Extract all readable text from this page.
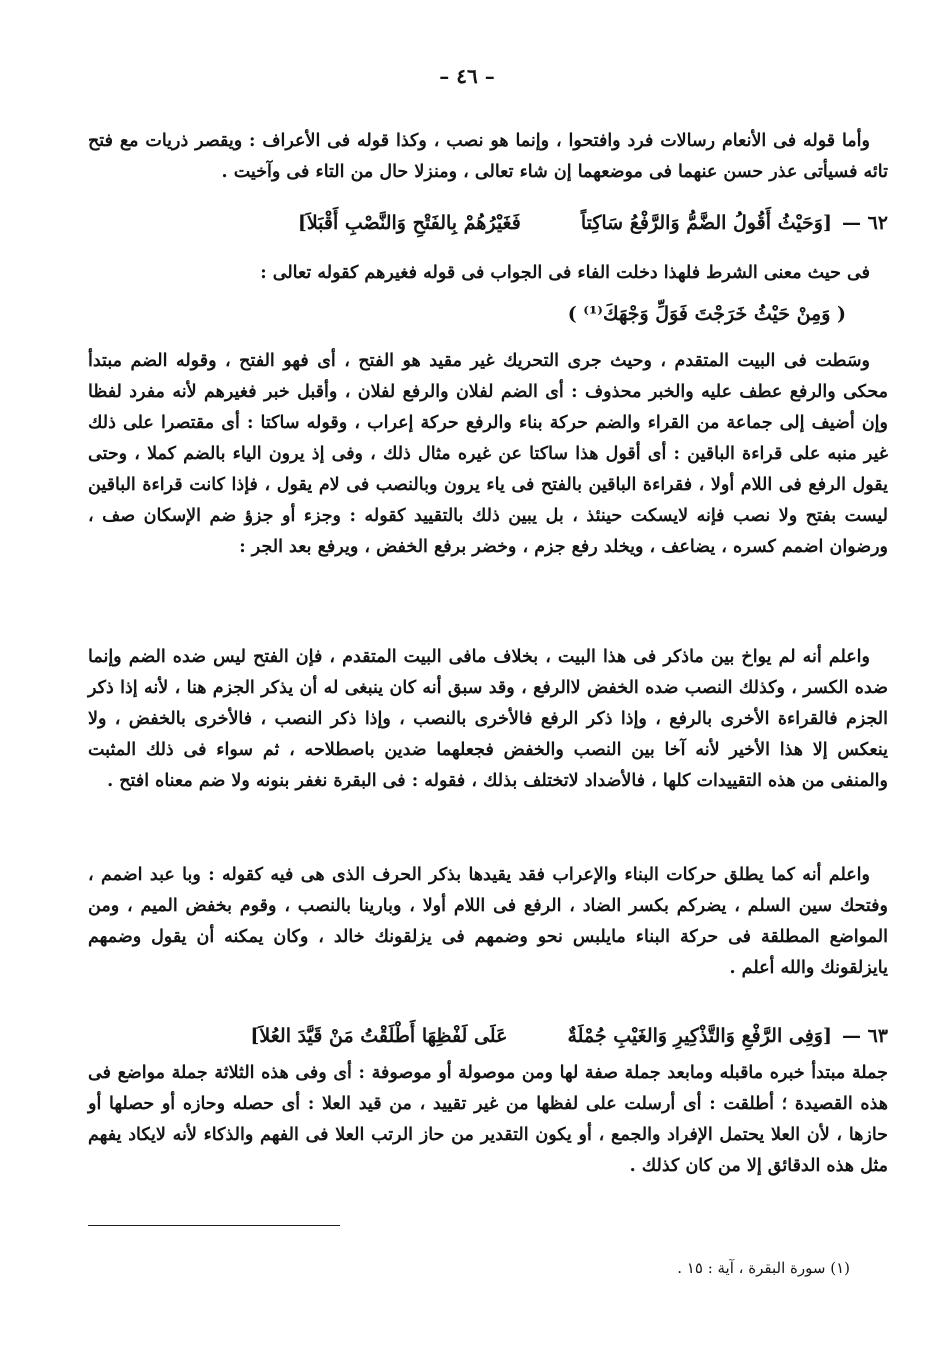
– ٤٦ –

وأما قوله فى الأنعام رسالات فرد وافتحوا ، وإنما هو نصب ، وكذا قوله فى الأعراف : ويقصر ذريات مع فتح تائه فسيأتى عذر حسن عنهما فى موضعهما إن شاء تعالى ، ومنزلا حال من التاء فى وآخيت .

٦٢ —[وَحَيْثُ أَقُولُ الضَّمُّ وَالرَّفْعُ سَاكِتاًفَغَيْرُهُمْ بِالفَتْحِ وَالنَّصْبِ أَقْبَلاَ]

فى حيث معنى الشرط فلهذا دخلت الفاء فى الجواب فى قوله فغيرهم كقوله تعالى :

( وَمِنْ حَيْثُ خَرَجْتَ فَوَلِّ وَجْهَكَ⁽¹⁾ )

وسَطت فى البيت المتقدم ، وحيث جرى التحريك غير مقيد هو الفتح ، أى فهو الفتح ، وقوله الضم مبتدأ محكى والرفع عطف عليه والخبر محذوف : أى الضم لفلان والرفع لفلان ، وأقبل خبر فغيرهم لأنه مفرد لفظا وإن أضيف إلى جماعة من القراء والضم حركة بناء والرفع حركة إعراب ، وقوله ساكتا : أى مقتصرا على ذلك غير منبه على قراءة الباقين : أى أقول هذا ساكتا عن غيره مثال ذلك ، وفى إذ يرون الياء بالضم كملا ، وحتى يقول الرفع فى اللام أولا ، فقراءة الباقين بالفتح فى ياء يرون وبالنصب فى لام يقول ، فإذا كانت قراءة الباقين ليست بفتح ولا نصب فإنه لايسكت حينئذ ، بل يبين ذلك بالتقييد كقوله : وجزء أو جزؤ ضم الإسكان صف ، ورضوان اضمم كسره ، يضاعف ، ويخلد رفع جزم ، وخضر برفع الخفض ، ويرفع بعد الجر :

واعلم أنه لم يواخ بين ماذكر فى هذا البيت ، بخلاف مافى البيت المتقدم ، فإن الفتح ليس ضده الضم وإنما ضده الكسر ، وكذلك النصب ضده الخفض لاالرفع ، وقد سبق أنه كان ينبغى له أن يذكر الجزم هنا ، لأنه إذا ذكر الجزم فالقراءة الأخرى بالرفع ، وإذا ذكر الرفع فالأخرى بالنصب ، وإذا ذكر النصب ، فالأخرى بالخفض ، ولا ينعكس إلا هذا الأخير لأنه آخا بين النصب والخفض فجعلهما ضدين باصطلاحه ، ثم سواء فى ذلك المثبت والمنفى من هذه التقييدات كلها ، فالأضداد لاتختلف بذلك ، فقوله : فى البقرة نغفر بنونه ولا ضم معناه افتح .

واعلم أنه كما يطلق حركات البناء والإعراب فقد يقيدها بذكر الحرف الذى هى فيه كقوله : وبا عبد اضمم ، وفتحك سين السلم ، يضركم بكسر الضاد ، الرفع فى اللام أولا ، وبارينا بالنصب ، وقوم بخفض الميم ، ومن المواضع المطلقة فى حركة البناء مايلبس نحو وضمهم فى يزلقونك خالد ، وكان يمكنه أن يقول وضمهم يايزلقونك والله أعلم .

٦٣ —[وَفِى الرَّفْعِ وَالتَّذْكِيرِ وَالغَيْبِ جُمْلَةٌعَلَى لَفْظِهَا أَطْلَقْتُ مَنْ قَيَّدَ العُلاَ]

جملة مبتدأ خبره ماقبله ومابعد جملة صفة لها ومن موصولة أو موصوفة : أى وفى هذه الثلاثة جملة مواضع فى هذه القصيدة ؛ أطلقت : أى أرسلت على لفظها من غير تقييد ، من قيد العلا : أى حصله وحازه أو حصلها أو حازها ، لأن العلا يحتمل الإفراد والجمع ، أو يكون التقدير من حاز الرتب العلا فى الفهم والذكاء لأنه لايكاد يفهم مثل هذه الدقائق إلا من كان كذلك .

(١) سورة البقرة ، آية : ١٥ .
